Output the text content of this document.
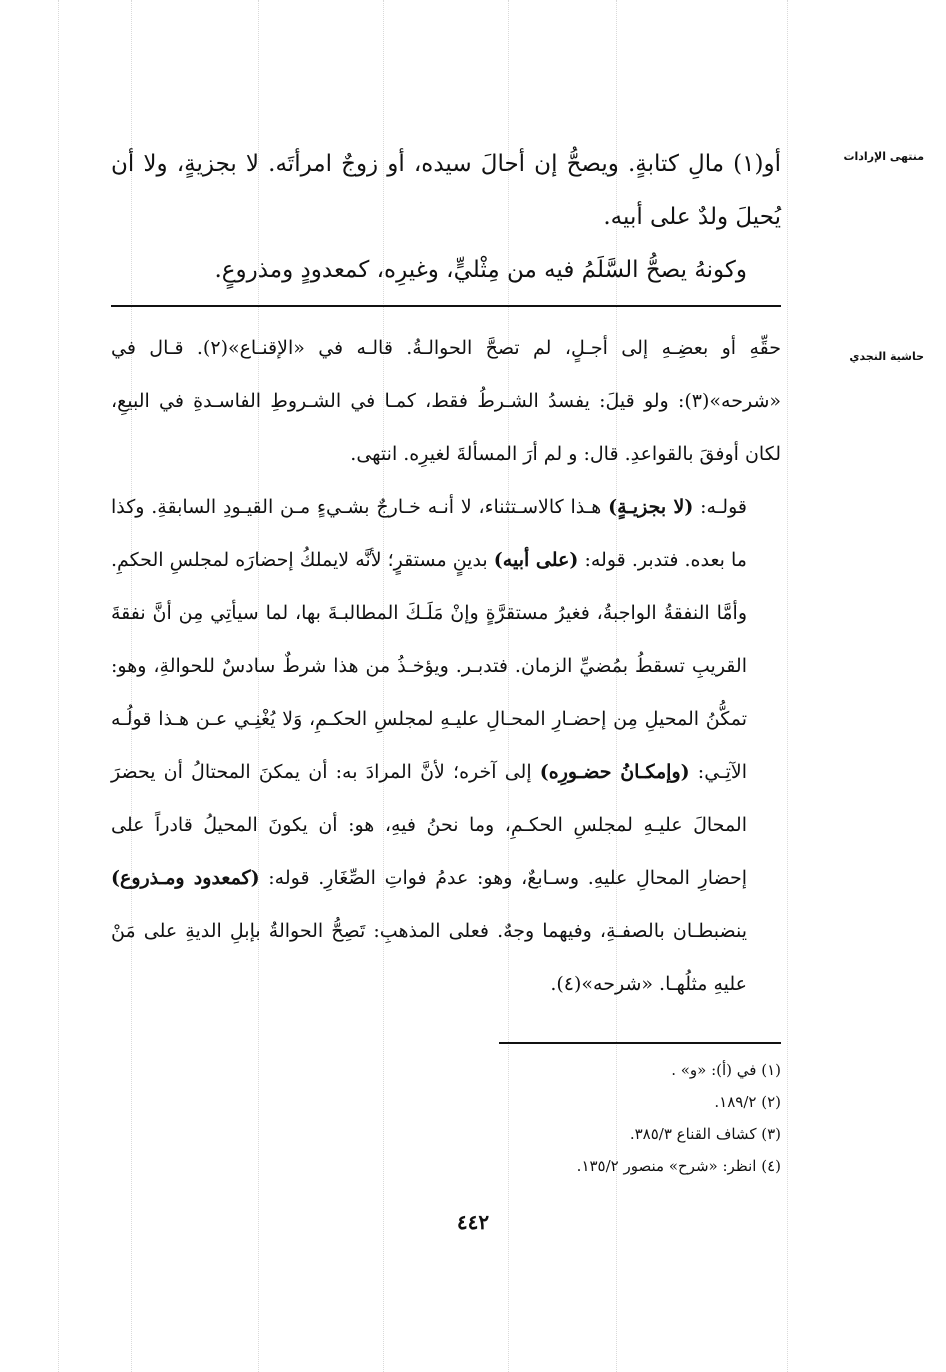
منتهى الإرادات
حاشية النجدي

أو(١) مالِ كتابةٍ. ويصحُّ إن أحالَ سيده، أو زوجٌ امرأتَه. لا بجزيةٍ، ولا أن يُحيلَ ولدٌ على أبيه.

وكونهُ يصحُّ السَّلَمُ فيه من مِثْليٍّ، وغيرِه، كمعدودٍ ومذروعٍ.

حقِّهِ أو بعضِـهِ إلى أجـلٍ، لم تصحَّ الحوالـةُ. قالـه في «الإقنـاع»(٢). قـال في «شرحه»(٣): ولو قيلَ: يفسدُ الشـرطُ فقط، كمـا في الشـروطِ الفاسـدةِ في البيعِ، لكان أوفقَ بالقواعدِ. قال: و لم أرَ المسألةَ لغيرِه. انتهى.

قولـه: (لا بجزيـةٍ) هـذا كالاسـتثناء، لا أنـه خـارجٌ بشـيءٍ مـن القيـودِ السابقةِ. وكذا ما بعده. فتدبر. قوله: (على أبيه) بدينٍ مستقرٍ؛ لأنَّه لايملكُ إحضارَه لمجلسِ الحكمِ. وأمَّا النفقةُ الواجبةُ، فغيرُ مستقرَّةٍ وإنْ مَلَـكَ المطالبـةَ بها، لما سيأتِي مِن أنَّ نفقةَ القريبِ تسقطُ بمُضيِّ الزمان. فتدبـر. ويؤخـذُ من هذا شرطٌ سادسٌ للحوالةِ، وهو: تمكُّنُ المحيلِ مِن إحضـارِ المحـالِ عليـهِ لمجلسِ الحكـمِ، وَلا يُغْنِـي عـن هـذا قولُـه الآتِـي: (وإمكـانُ حضـورِه) إلى آخره؛ لأنَّ المرادَ به: أن يمكنَ المحتالُ أن يحضرَ المحالَ عليـهِ لمجلسِ الحكـمِ، وما نحنُ فيهِ، هو: أن يكونَ المحيلُ قادراً على إحضارِ المحالِ عليهِ. وسـابعٌ، وهو: عدمُ فواتِ الصِّغَارِ. قوله: (كمعدود ومـذروع) ينضبطـان بالصفـةِ، وفيهما وجهٌ. فعلى المذهبِ: تَصِحُّ الحوالةُ بإبلِ الديةِ على مَنْ عليهِ مثلُهـا. «شرحه»(٤).

(١) في (أ): «و» .
(٢) ١٨٩/٢.
(٣) كشاف القناع ٣٨٥/٣.
(٤) انظر: «شرح» منصور ١٣٥/٢.
٤٤٢
